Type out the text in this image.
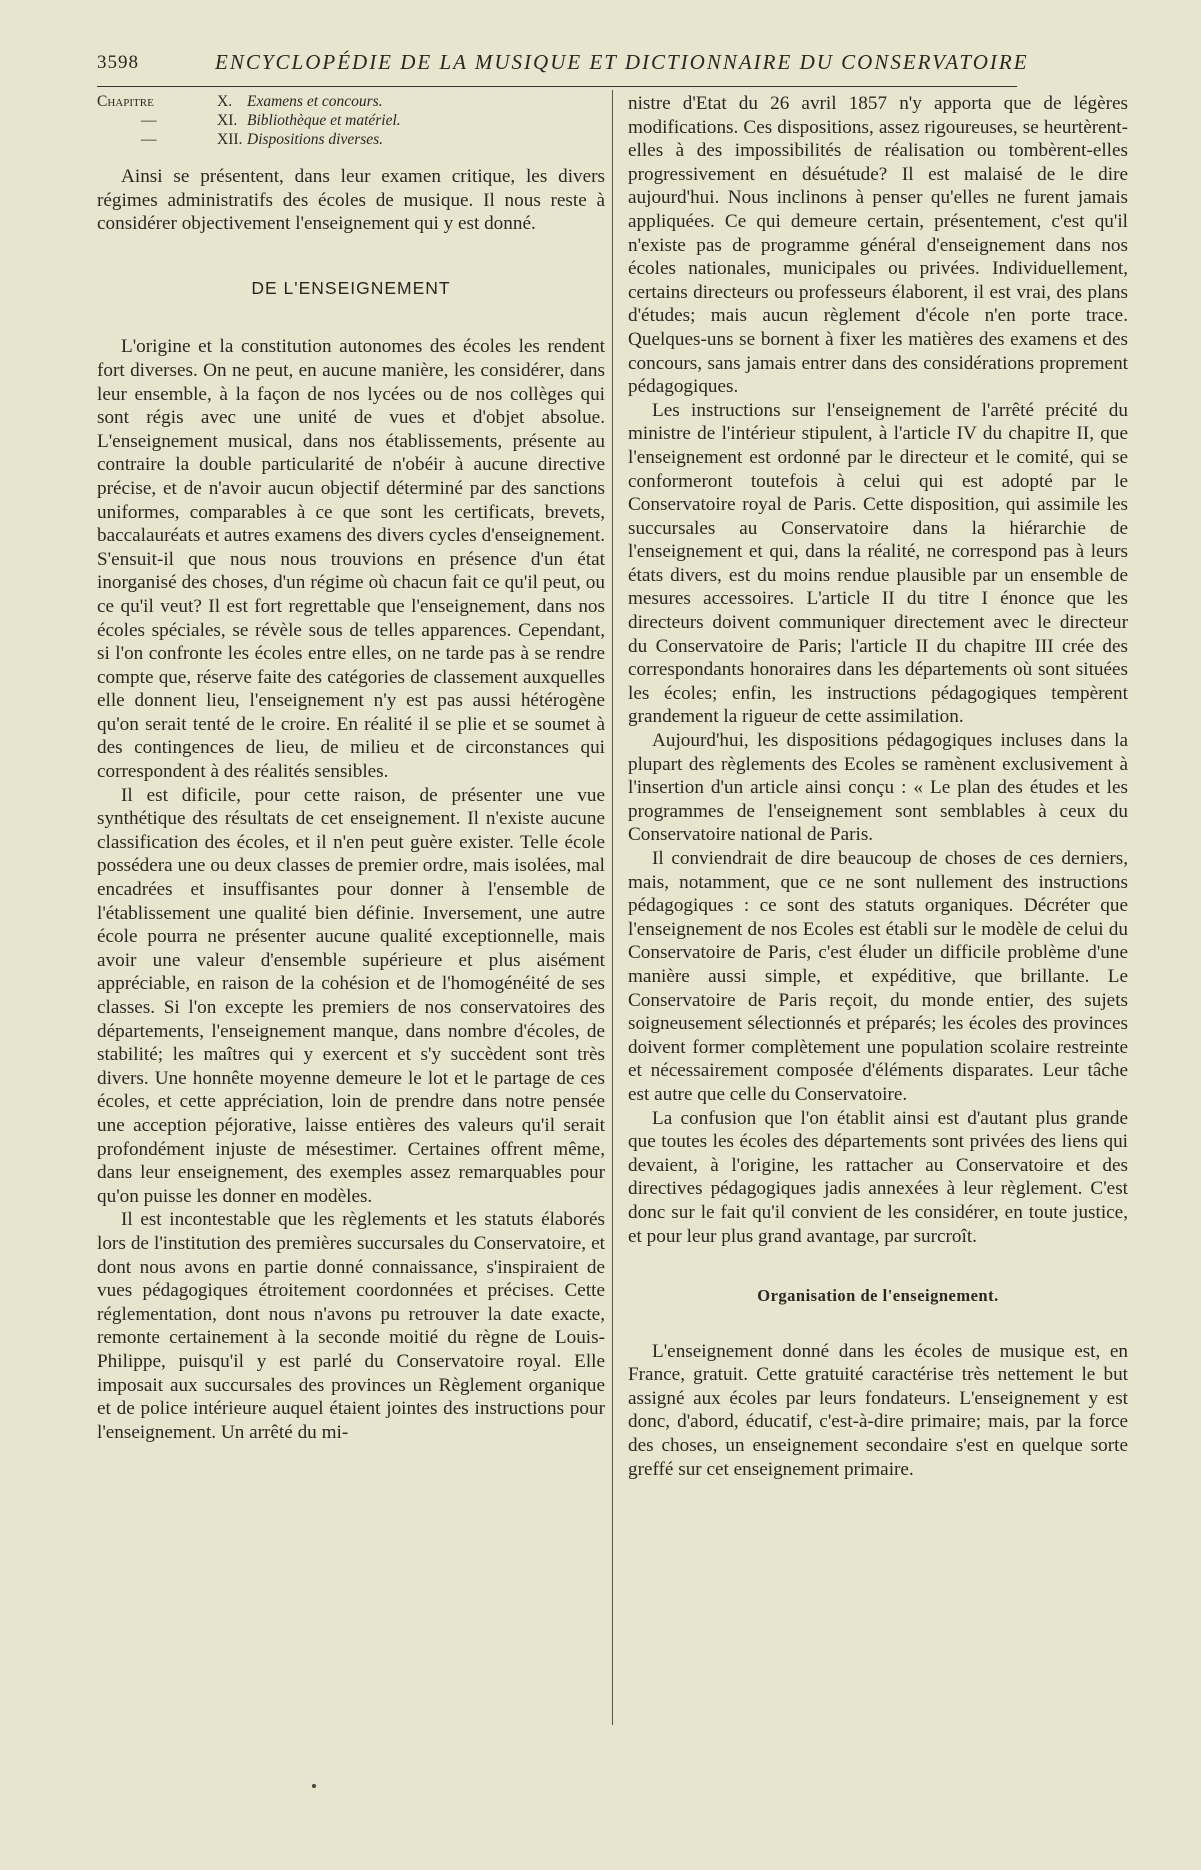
3598	ENCYCLOPÉDIE DE LA MUSIQUE ET DICTIONNAIRE DU CONSERVATOIRE
Chapitre	X. Examens et concours.
—	XI. Bibliothèque et matériel.
—	XII. Dispositions diverses.

Ainsi se présentent, dans leur examen critique, les divers régimes administratifs des écoles de musique. Il nous reste à considérer objectivement l'enseignement qui y est donné.

DE L'ENSEIGNEMENT

L'origine et la constitution autonomes des écoles les rendent fort diverses. On ne peut, en aucune manière, les considérer, dans leur ensemble, à la façon de nos lycées ou de nos collèges qui sont régis avec une unité de vues et d'objet absolue. L'enseignement musical, dans nos établissements, présente au contraire la double particularité de n'obéir à aucune directive précise, et de n'avoir aucun objectif déterminé par des sanctions uniformes, comparables à ce que sont les certificats, brevets, baccalauréats et autres examens des divers cycles d'enseignement. S'ensuit-il que nous nous trouvions en présence d'un état inorganisé des choses, d'un régime où chacun fait ce qu'il peut, ou ce qu'il veut? Il est fort regrettable que l'enseignement, dans nos écoles spéciales, se révèle sous de telles apparences. Cependant, si l'on confronte les écoles entre elles, on ne tarde pas à se rendre compte que, réserve faite des catégories de classement auxquelles elle donnent lieu, l'enseignement n'y est pas aussi hétérogène qu'on serait tenté de le croire. En réalité il se plie et se soumet à des contingences de lieu, de milieu et de circonstances qui correspondent à des réalités sensibles.

Il est dificile, pour cette raison, de présenter une vue synthétique des résultats de cet enseignement. Il n'existe aucune classification des écoles, et il n'en peut guère exister. Telle école possédera une ou deux classes de premier ordre, mais isolées, mal encadrées et insuffisantes pour donner à l'ensemble de l'établissement une qualité bien définie. Inversement, une autre école pourra ne présenter aucune qualité exceptionnelle, mais avoir une valeur d'ensemble supérieure et plus aisément appréciable, en raison de la cohésion et de l'homogénéité de ses classes. Si l'on excepte les premiers de nos conservatoires des départements, l'enseignement manque, dans nombre d'écoles, de stabilité; les maîtres qui y exercent et s'y succèdent sont très divers. Une honnête moyenne demeure le lot et le partage de ces écoles, et cette appréciation, loin de prendre dans notre pensée une acception péjorative, laisse entières des valeurs qu'il serait profondément injuste de mésestimer. Certaines offrent même, dans leur enseignement, des exemples assez remarquables pour qu'on puisse les donner en modèles.

Il est incontestable que les règlements et les statuts élaborés lors de l'institution des premières succursales du Conservatoire, et dont nous avons en partie donné connaissance, s'inspiraient de vues pédagogiques étroitement coordonnées et précises. Cette réglementation, dont nous n'avons pu retrouver la date exacte, remonte certainement à la seconde moitié du règne de Louis-Philippe, puisqu'il y est parlé du Conservatoire royal. Elle imposait aux succursales des provinces un Règlement organique et de police intérieure auquel étaient jointes des instructions pour l'enseignement. Un arrêté du mi-

nistre d'Etat du 26 avril 1857 n'y apporta que de légères modifications. Ces dispositions, assez rigoureuses, se heurtèrent-elles à des impossibilités de réalisation ou tombèrent-elles progressivement en désuétude? Il est malaisé de le dire aujourd'hui. Nous inclinons à penser qu'elles ne furent jamais appliquées. Ce qui demeure certain, présentement, c'est qu'il n'existe pas de programme général d'enseignement dans nos écoles nationales, municipales ou privées. Individuellement, certains directeurs ou professeurs élaborent, il est vrai, des plans d'études; mais aucun règlement d'école n'en porte trace. Quelques-uns se bornent à fixer les matières des examens et des concours, sans jamais entrer dans des considérations proprement pédagogiques.

Les instructions sur l'enseignement de l'arrêté précité du ministre de l'intérieur stipulent, à l'article IV du chapitre II, que l'enseignement est ordonné par le directeur et le comité, qui se conformeront toutefois à celui qui est adopté par le Conservatoire royal de Paris. Cette disposition, qui assimile les succursales au Conservatoire dans la hiérarchie de l'enseignement et qui, dans la réalité, ne correspond pas à leurs états divers, est du moins rendue plausible par un ensemble de mesures accessoires. L'article II du titre I énonce que les directeurs doivent communiquer directement avec le directeur du Conservatoire de Paris; l'article II du chapitre III crée des correspondants honoraires dans les départements où sont situées les écoles; enfin, les instructions pédagogiques tempèrent grandement la rigueur de cette assimilation.

Aujourd'hui, les dispositions pédagogiques incluses dans la plupart des règlements des Ecoles se ramènent exclusivement à l'insertion d'un article ainsi conçu : « Le plan des études et les programmes de l'enseignement sont semblables à ceux du Conservatoire national de Paris.

Il conviendrait de dire beaucoup de choses de ces derniers, mais, notamment, que ce ne sont nullement des instructions pédagogiques : ce sont des statuts organiques. Décréter que l'enseignement de nos Ecoles est établi sur le modèle de celui du Conservatoire de Paris, c'est éluder un difficile problème d'une manière aussi simple, et expéditive, que brillante. Le Conservatoire de Paris reçoit, du monde entier, des sujets soigneusement sélectionnés et préparés; les écoles des provinces doivent former complètement une population scolaire restreinte et nécessairement composée d'éléments disparates. Leur tâche est autre que celle du Conservatoire.

La confusion que l'on établit ainsi est d'autant plus grande que toutes les écoles des départements sont privées des liens qui devaient, à l'origine, les rattacher au Conservatoire et des directives pédagogiques jadis annexées à leur règlement. C'est donc sur le fait qu'il convient de les considérer, en toute justice, et pour leur plus grand avantage, par surcroît.

Organisation de l'enseignement.

L'enseignement donné dans les écoles de musique est, en France, gratuit. Cette gratuité caractérise très nettement le but assigné aux écoles par leurs fondateurs. L'enseignement y est donc, d'abord, éducatif, c'est-à-dire primaire; mais, par la force des choses, un enseignement secondaire s'est en quelque sorte greffé sur cet enseignement primaire.
